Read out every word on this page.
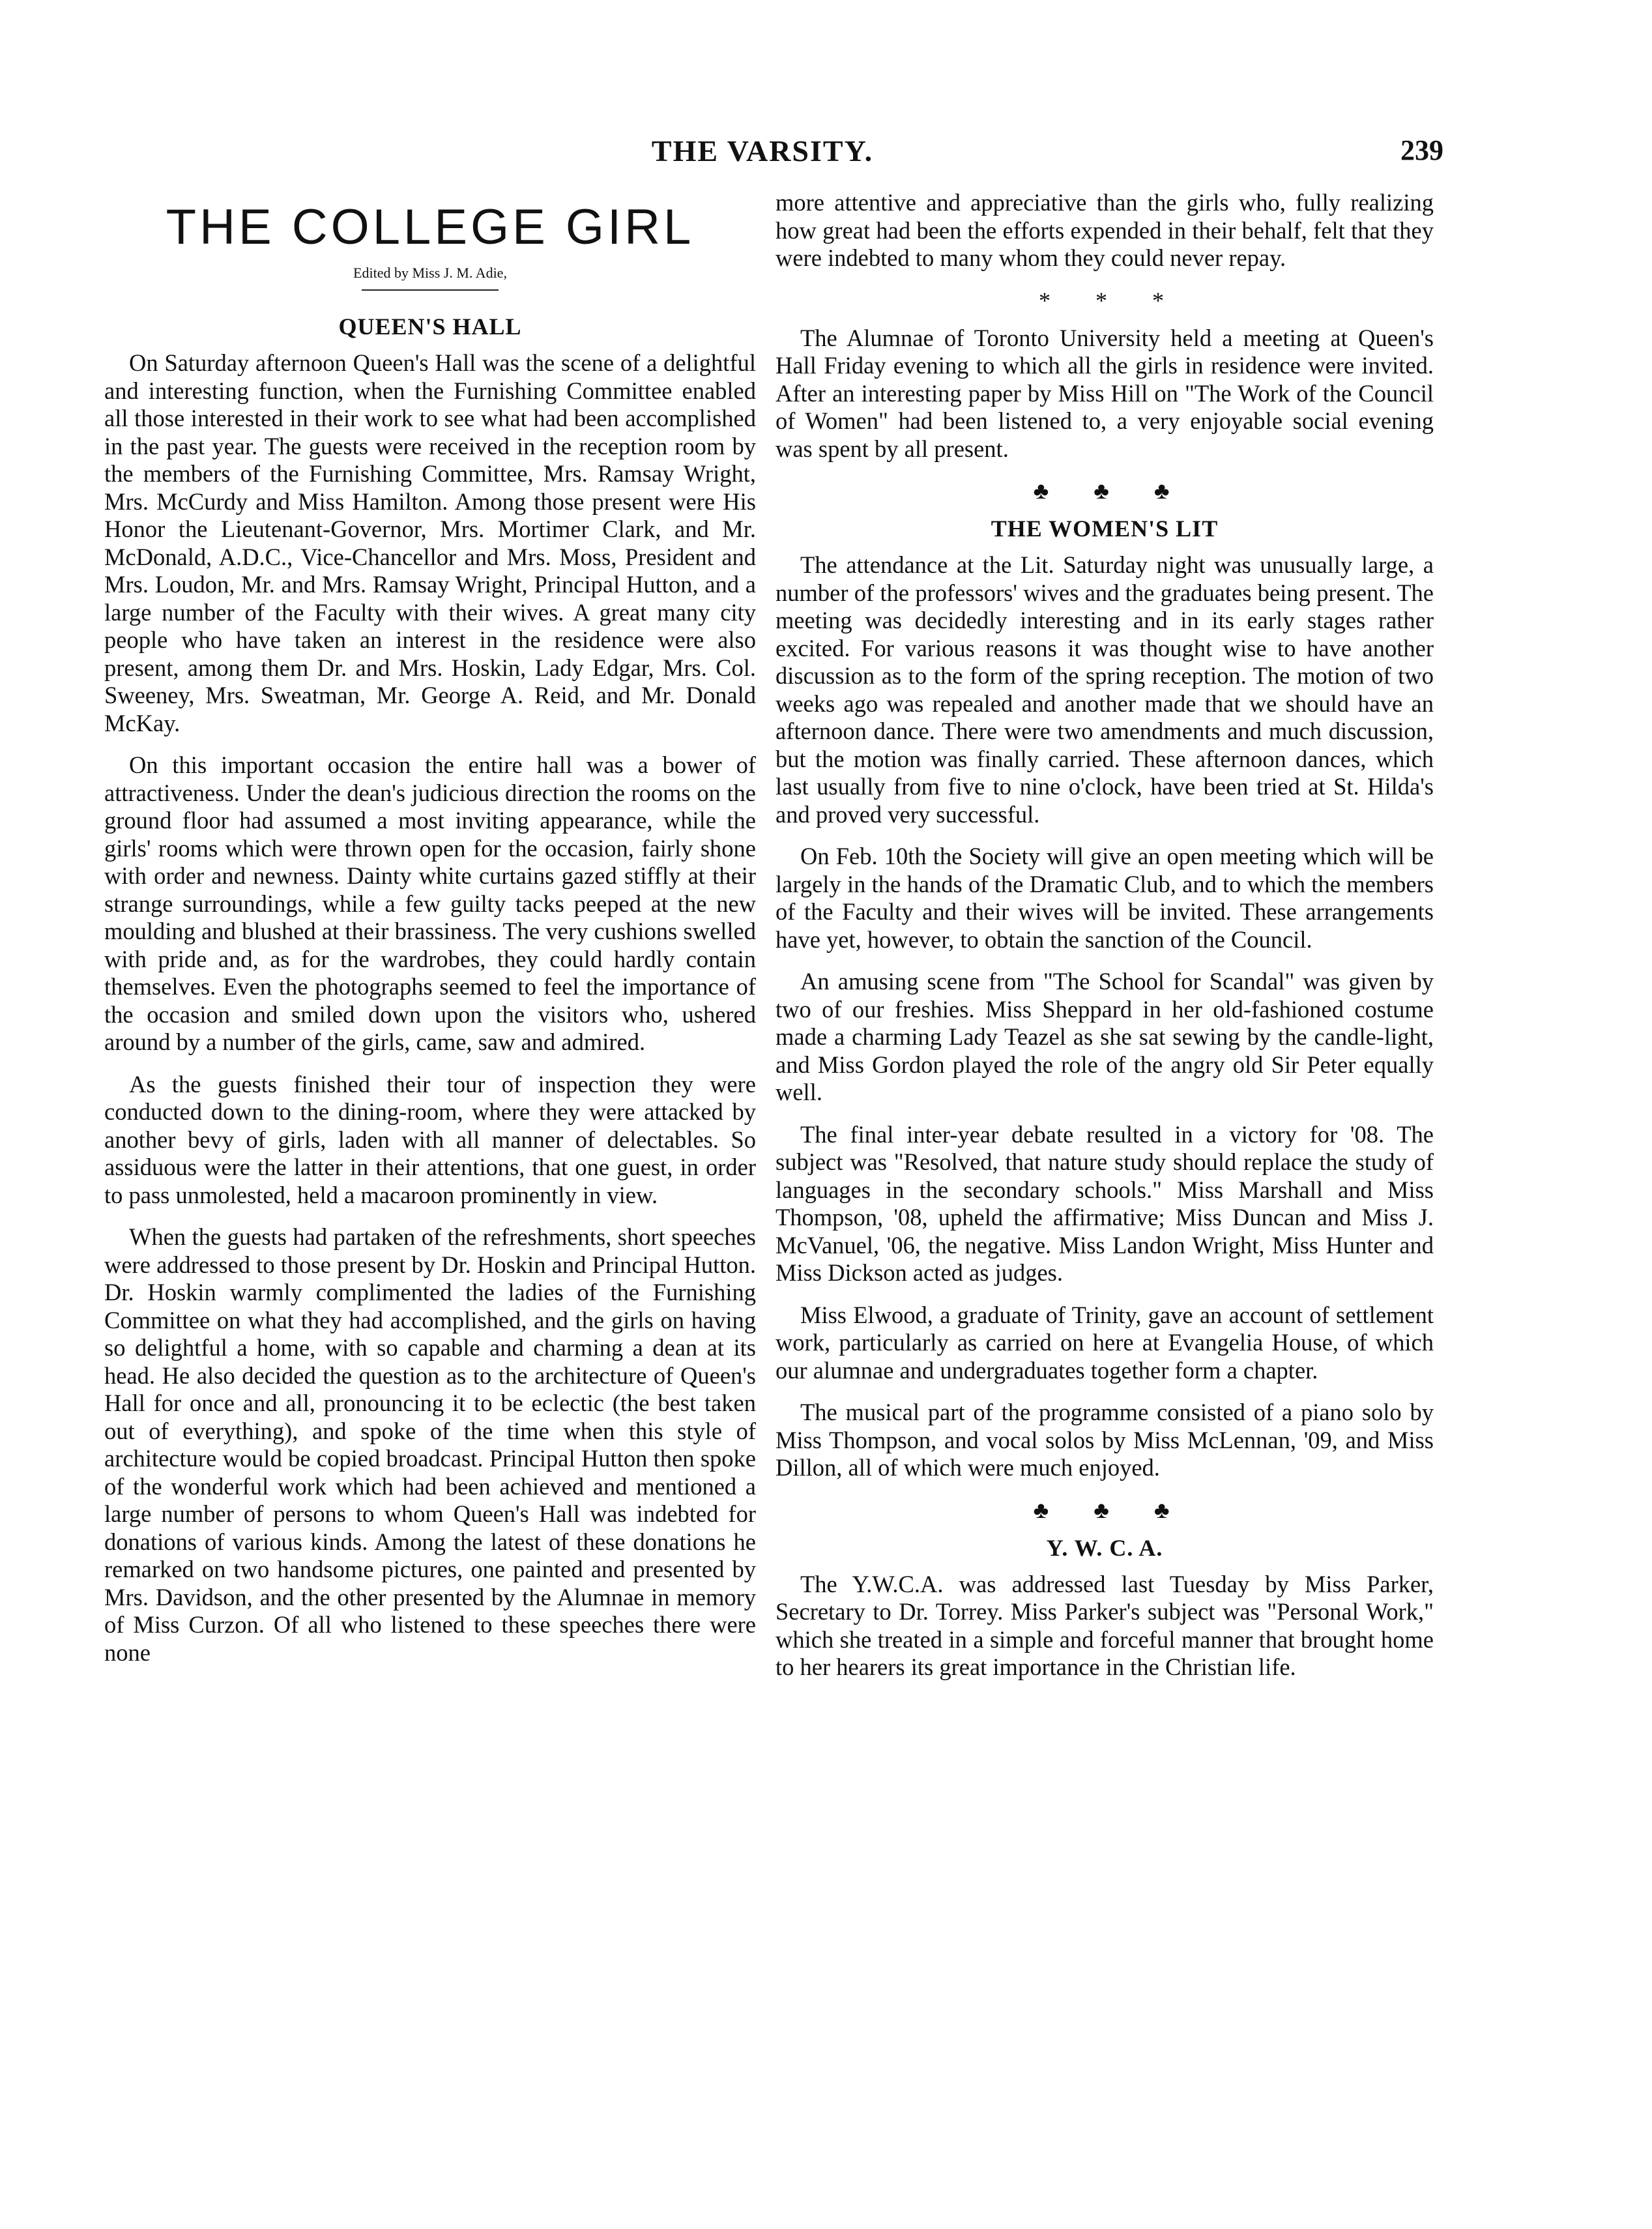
THE VARSITY.	239
THE COLLEGE GIRL
Edited by Miss J. M. Adie,
QUEEN'S HALL

On Saturday afternoon Queen's Hall was the scene of a delightful and interesting function, when the Furnishing Committee enabled all those interested in their work to see what had been accomplished in the past year. The guests were received in the reception room by the members of the Furnishing Committee, Mrs. Ramsay Wright, Mrs. McCurdy and Miss Hamilton. Among those present were His Honor the Lieutenant-Governor, Mrs. Mortimer Clark, and Mr. McDonald, A.D.C., Vice-Chancellor and Mrs. Moss, President and Mrs. Loudon, Mr. and Mrs. Ramsay Wright, Principal Hutton, and a large number of the Faculty with their wives. A great many city people who have taken an interest in the residence were also present, among them Dr. and Mrs. Hoskin, Lady Edgar, Mrs. Col. Sweeney, Mrs. Sweatman, Mr. George A. Reid, and Mr. Donald McKay.

On this important occasion the entire hall was a bower of attractiveness. Under the dean's judicious direction the rooms on the ground floor had assumed a most inviting appearance, while the girls' rooms which were thrown open for the occasion, fairly shone with order and newness. Dainty white curtains gazed stiffly at their strange surroundings, while a few guilty tacks peeped at the new moulding and blushed at their brassiness. The very cushions swelled with pride and, as for the wardrobes, they could hardly contain themselves. Even the photographs seemed to feel the importance of the occasion and smiled down upon the visitors who, ushered around by a number of the girls, came, saw and admired.

As the guests finished their tour of inspection they were conducted down to the dining-room, where they were attacked by another bevy of girls, laden with all manner of delectables. So assiduous were the latter in their attentions, that one guest, in order to pass unmolested, held a macaroon prominently in view.

When the guests had partaken of the refreshments, short speeches were addressed to those present by Dr. Hoskin and Principal Hutton. Dr. Hoskin warmly complimented the ladies of the Furnishing Committee on what they had accomplished, and the girls on having so delightful a home, with so capable and charming a dean at its head. He also decided the question as to the architecture of Queen's Hall for once and all, pronouncing it to be eclectic (the best taken out of everything), and spoke of the time when this style of architecture would be copied broadcast. Principal Hutton then spoke of the wonderful work which had been achieved and mentioned a large number of persons to whom Queen's Hall was indebted for donations of various kinds. Among the latest of these donations he remarked on two handsome pictures, one painted and presented by Mrs. Davidson, and the other presented by the Alumnae in memory of Miss Curzon. Of all who listened to these speeches there were none

more attentive and appreciative than the girls who, fully realizing how great had been the efforts expended in their behalf, felt that they were indebted to many whom they could never repay.

* * *

The Alumnae of Toronto University held a meeting at Queen's Hall Friday evening to which all the girls in residence were invited. After an interesting paper by Miss Hill on "The Work of the Council of Women" had been listened to, a very enjoyable social evening was spent by all present.

♣ ♣ ♣
THE WOMEN'S LIT

The attendance at the Lit. Saturday night was unusually large, a number of the professors' wives and the graduates being present. The meeting was decidedly interesting and in its early stages rather excited. For various reasons it was thought wise to have another discussion as to the form of the spring reception. The motion of two weeks ago was repealed and another made that we should have an afternoon dance. There were two amendments and much discussion, but the motion was finally carried. These afternoon dances, which last usually from five to nine o'clock, have been tried at St. Hilda's and proved very successful.

On Feb. 10th the Society will give an open meeting which will be largely in the hands of the Dramatic Club, and to which the members of the Faculty and their wives will be invited. These arrangements have yet, however, to obtain the sanction of the Council.

An amusing scene from "The School for Scandal" was given by two of our freshies. Miss Sheppard in her old-fashioned costume made a charming Lady Teazel as she sat sewing by the candle-light, and Miss Gordon played the role of the angry old Sir Peter equally well.

The final inter-year debate resulted in a victory for '08. The subject was "Resolved, that nature study should replace the study of languages in the secondary schools." Miss Marshall and Miss Thompson, '08, upheld the affirmative; Miss Duncan and Miss J. McVanuel, '06, the negative. Miss Landon Wright, Miss Hunter and Miss Dickson acted as judges.

Miss Elwood, a graduate of Trinity, gave an account of settlement work, particularly as carried on here at Evangelia House, of which our alumnae and undergraduates together form a chapter.

The musical part of the programme consisted of a piano solo by Miss Thompson, and vocal solos by Miss McLennan, '09, and Miss Dillon, all of which were much enjoyed.

♣ ♣ ♣
Y. W. C. A.

The Y.W.C.A. was addressed last Tuesday by Miss Parker, Secretary to Dr. Torrey. Miss Parker's subject was "Personal Work," which she treated in a simple and forceful manner that brought home to her hearers its great importance in the Christian life.
